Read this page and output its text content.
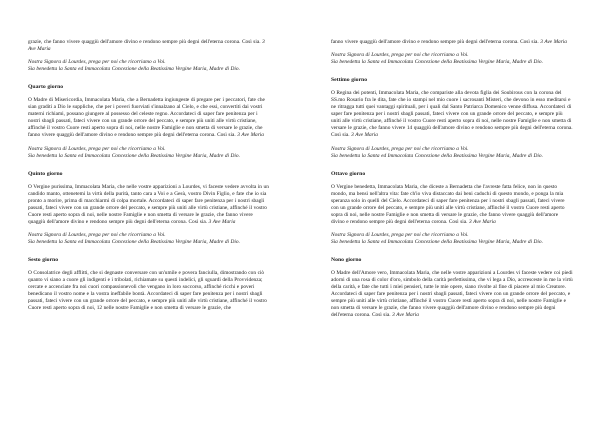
grazie, che fanno vivere quaggiù dell'amore divino e rendono sempre più degni dell'eterna corona. Così sia. 3 Ave Maria

Nostra Signora di Lourdes, prega per noi che ricorriamo a Voi.

Sia benedetta la Santa ed Immacolata Concezione della Beatissima Vergine Maria, Madre di Dio.

Quarto giorno

O Madre di Misericordia, Immacolata Maria, che a Bernadetta ingiungeste di pregare per i peccatori, fate che sian graditi a Dio le suppliche, che per i poveri fuorviati s'innalzano al Cielo, e che essi, convertiti dai vostri materni richiami, possano giungere al possesso del celeste regno. Accordateci di saper fare penitenza per i nostri sbagli passati, fateci vivere con un grande orrore del peccato, e sempre più uniti alle virtù cristiane, affinché il vostro Cuore resti aperto sopra di noi, nelle nostre Famiglie e non smetta di versare le grazie, che fanno vivere quaggiù dell'amore divino e rendono sempre più degni dell'eterna corona. Così sia. 3 Ave Maria

Nostra Signora di Lourdes, prega per noi che ricorriamo a Voi.

Sia benedetta la Santa ed Immacolata Concezione della Beatissima Vergine Maria, Madre di Dio.

Quinto giorno

O Vergine purissima, Immacolata Maria, che nelle vostre apparizioni a Lourdes, vi faceste vedere avvolta in un candido manto, ottenetemi la virtù della purità, tanto cara a Voi e a Gesù, vostro Divin Figlio, e fate che io sia pronto a morire, prima di macchiarmi di colpa mortale. Accordateci di saper fare penitenza per i nostri sbagli passati, fateci vivere con un grande orrore del peccato, e sempre più uniti alle virtù cristiane, affinché il vostro Cuore resti aperto sopra di noi, nelle nostre Famiglie e non smetta di versare le grazie, che fanno vivere quaggiù dell'amore divino e rendono sempre più degni dell'eterna corona. Così sia. 3 Ave Maria

Nostra Signora di Lourdes, prega per noi che ricorriamo a Voi.

Sia benedetta la Santa ed Immacolata Concezione della Beatissima Vergine Maria, Madre di Dio.

Sesto giorno

O Consolatrice degli afflitti, che si degnaste conversare con un'umile e povera fanciulla, dimostrando con ciò quanto vi siano a cuore gli indigenti e i tribolati, richiamate su questi indelici, gli sguardi della Provvidenza; cercate e accenciate fra noi cuori compassionevoli che vengano in loro soccorso, affinché ricchi e poveri benedicano il vostro nome e la vostra ineffabile bontà. Accordateci di saper fare penitenza per i nostri sbagli passati, fateci vivere con un grande orrore del peccato, e sempre più uniti alle virtù cristiane, affinché il vostro Cuore resti aperto sopra di noi, 12 nelle nostre Famiglie e non smetta di versare le grazie, che

fanno vivere quaggiù dell'amore divino e rendono sempre più degni dell'eterna corona. Così sia. 3 Ave Maria

Nostra Signora di Lourdes, prega per noi che ricorriamo a Voi.

Sia benedetta la Santa ed Immacolata Concezione della Beatissima Vergine Maria, Madre di Dio.

Settimo giorno

O Regina dei potenti, Immacolata Maria, che compariste alla devota figlia dei Soubirous con la corona del SS.mo Rosario fra le dita, fate che io stampi nel mio cuore i sacrosanti Misteri, che devono in esso meditarsi e ne ritragga tutti quei vantaggi spirituali, per i quali dal Santo Patriarca Domenico venne diffusa. Accordateci di saper fare penitenza per i nostri sbagli passati, fateci vivere con un grande orrore del peccato, e sempre più uniti alle virtù cristiane, affinché il vostro Cuore resti aperto sopra di noi, nelle nostre Famiglie e non smetta di versare le grazie, che fanno vivere 14 quaggiù dell'amore divino e rendono sempre più degni dell'eterna corona. Così sia. 3 Ave Maria

Nostra Signora di Lourdes, prega per noi che ricorriamo a Voi.

Sia benedetta la Santa ed Immacolata Concezione della Beatissima Vergine Maria, Madre di Dio.

Ottavo giorno

O Vergine benedetta, Immacolata Maria, che diceste a Bernadetta che l'avreste fatta felice, non in questo mondo, ma bensì nell'altra vita: fate ch'io viva distaccato dai beni caduchi di questo mondo, e ponga la mia speranza solo in quelli del Cielo. Accordateci di saper fare penitenza per i nostri sbagli passati, fateci vivere con un grande orrore del peccato, e sempre più uniti alle virtù cristiane, affinché il vostro Cuore resti aperto sopra di noi, nelle nostre Famiglie e non smetta di versare le grazie, che fanno vivere quaggiù dell'amore divino e rendono sempre più degni dell'eterna corona. Così sia. 3 Ave Maria

Nostra Signora di Lourdes, prega per noi che ricorriamo a Voi.

Sia benedetta la Santa ed Immacolata Concezione della Beatissima Vergine Maria, Madre di Dio.

Nono giorno

O Madre dell'Amore vero, Immacolata Maria, che nelle vostre apparizioni a Lourdes vi faceste vedere coi piedi adorni di una rosa di color d'oro, simbolo della carità perfettissima, che vi lega a Dio, accresceste in me la virtù della carità, e fate che tutti i miei pensieri, tutte le mie opere, siano rivolte al fine di piacere al mio Creatore. Accordateci di saper fare penitenza per i nostri sbagli passati, fateci vivere con un grande orrore del peccato, e sempre più uniti alle virtù cristiane, affinché il vostro Cuore resti aperto sopra di noi, nelle nostre Famiglie e non smetta di versare le grazie, che fanno vivere quaggiù dell'amore divino e rendono sempre più degni dell'eterna corona. Così sia. 3 Ave Maria
